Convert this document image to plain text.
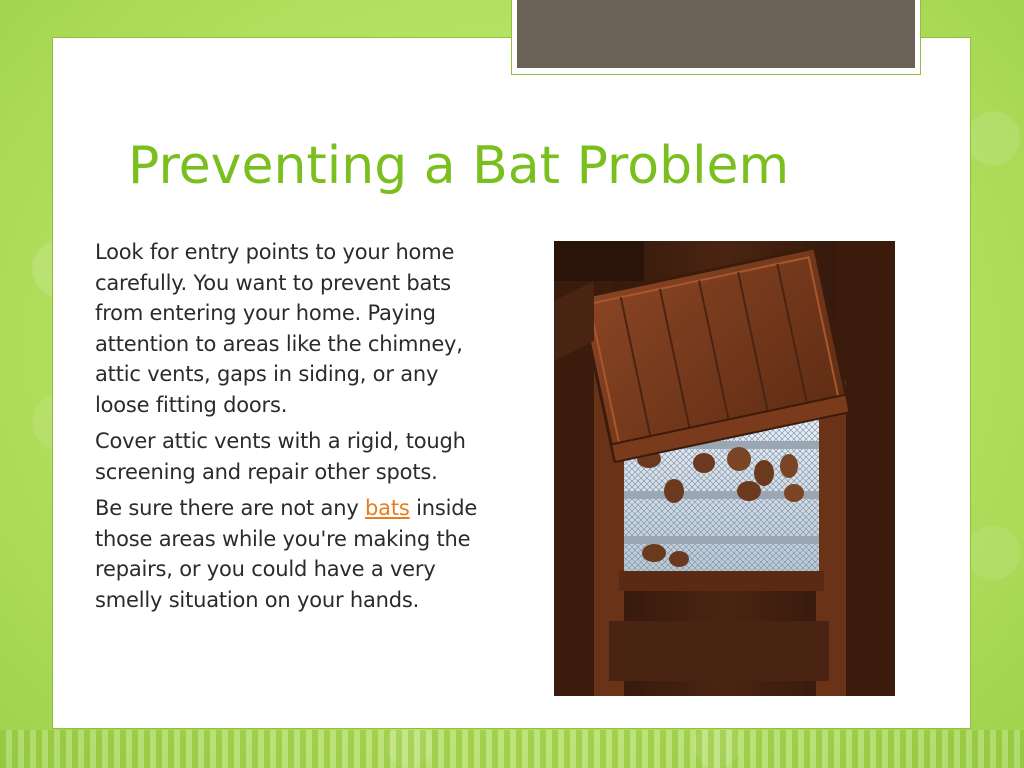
Preventing a Bat Problem

Look for entry points to your home carefully. You want to prevent bats from entering your home. Paying attention to areas like the chimney, attic vents, gaps in siding, or any loose fitting doors.

Cover attic vents with a rigid, tough screening and repair other spots.

Be sure there are not any bats inside those areas while you're making the repairs, or you could have a very smelly situation on your hands.
